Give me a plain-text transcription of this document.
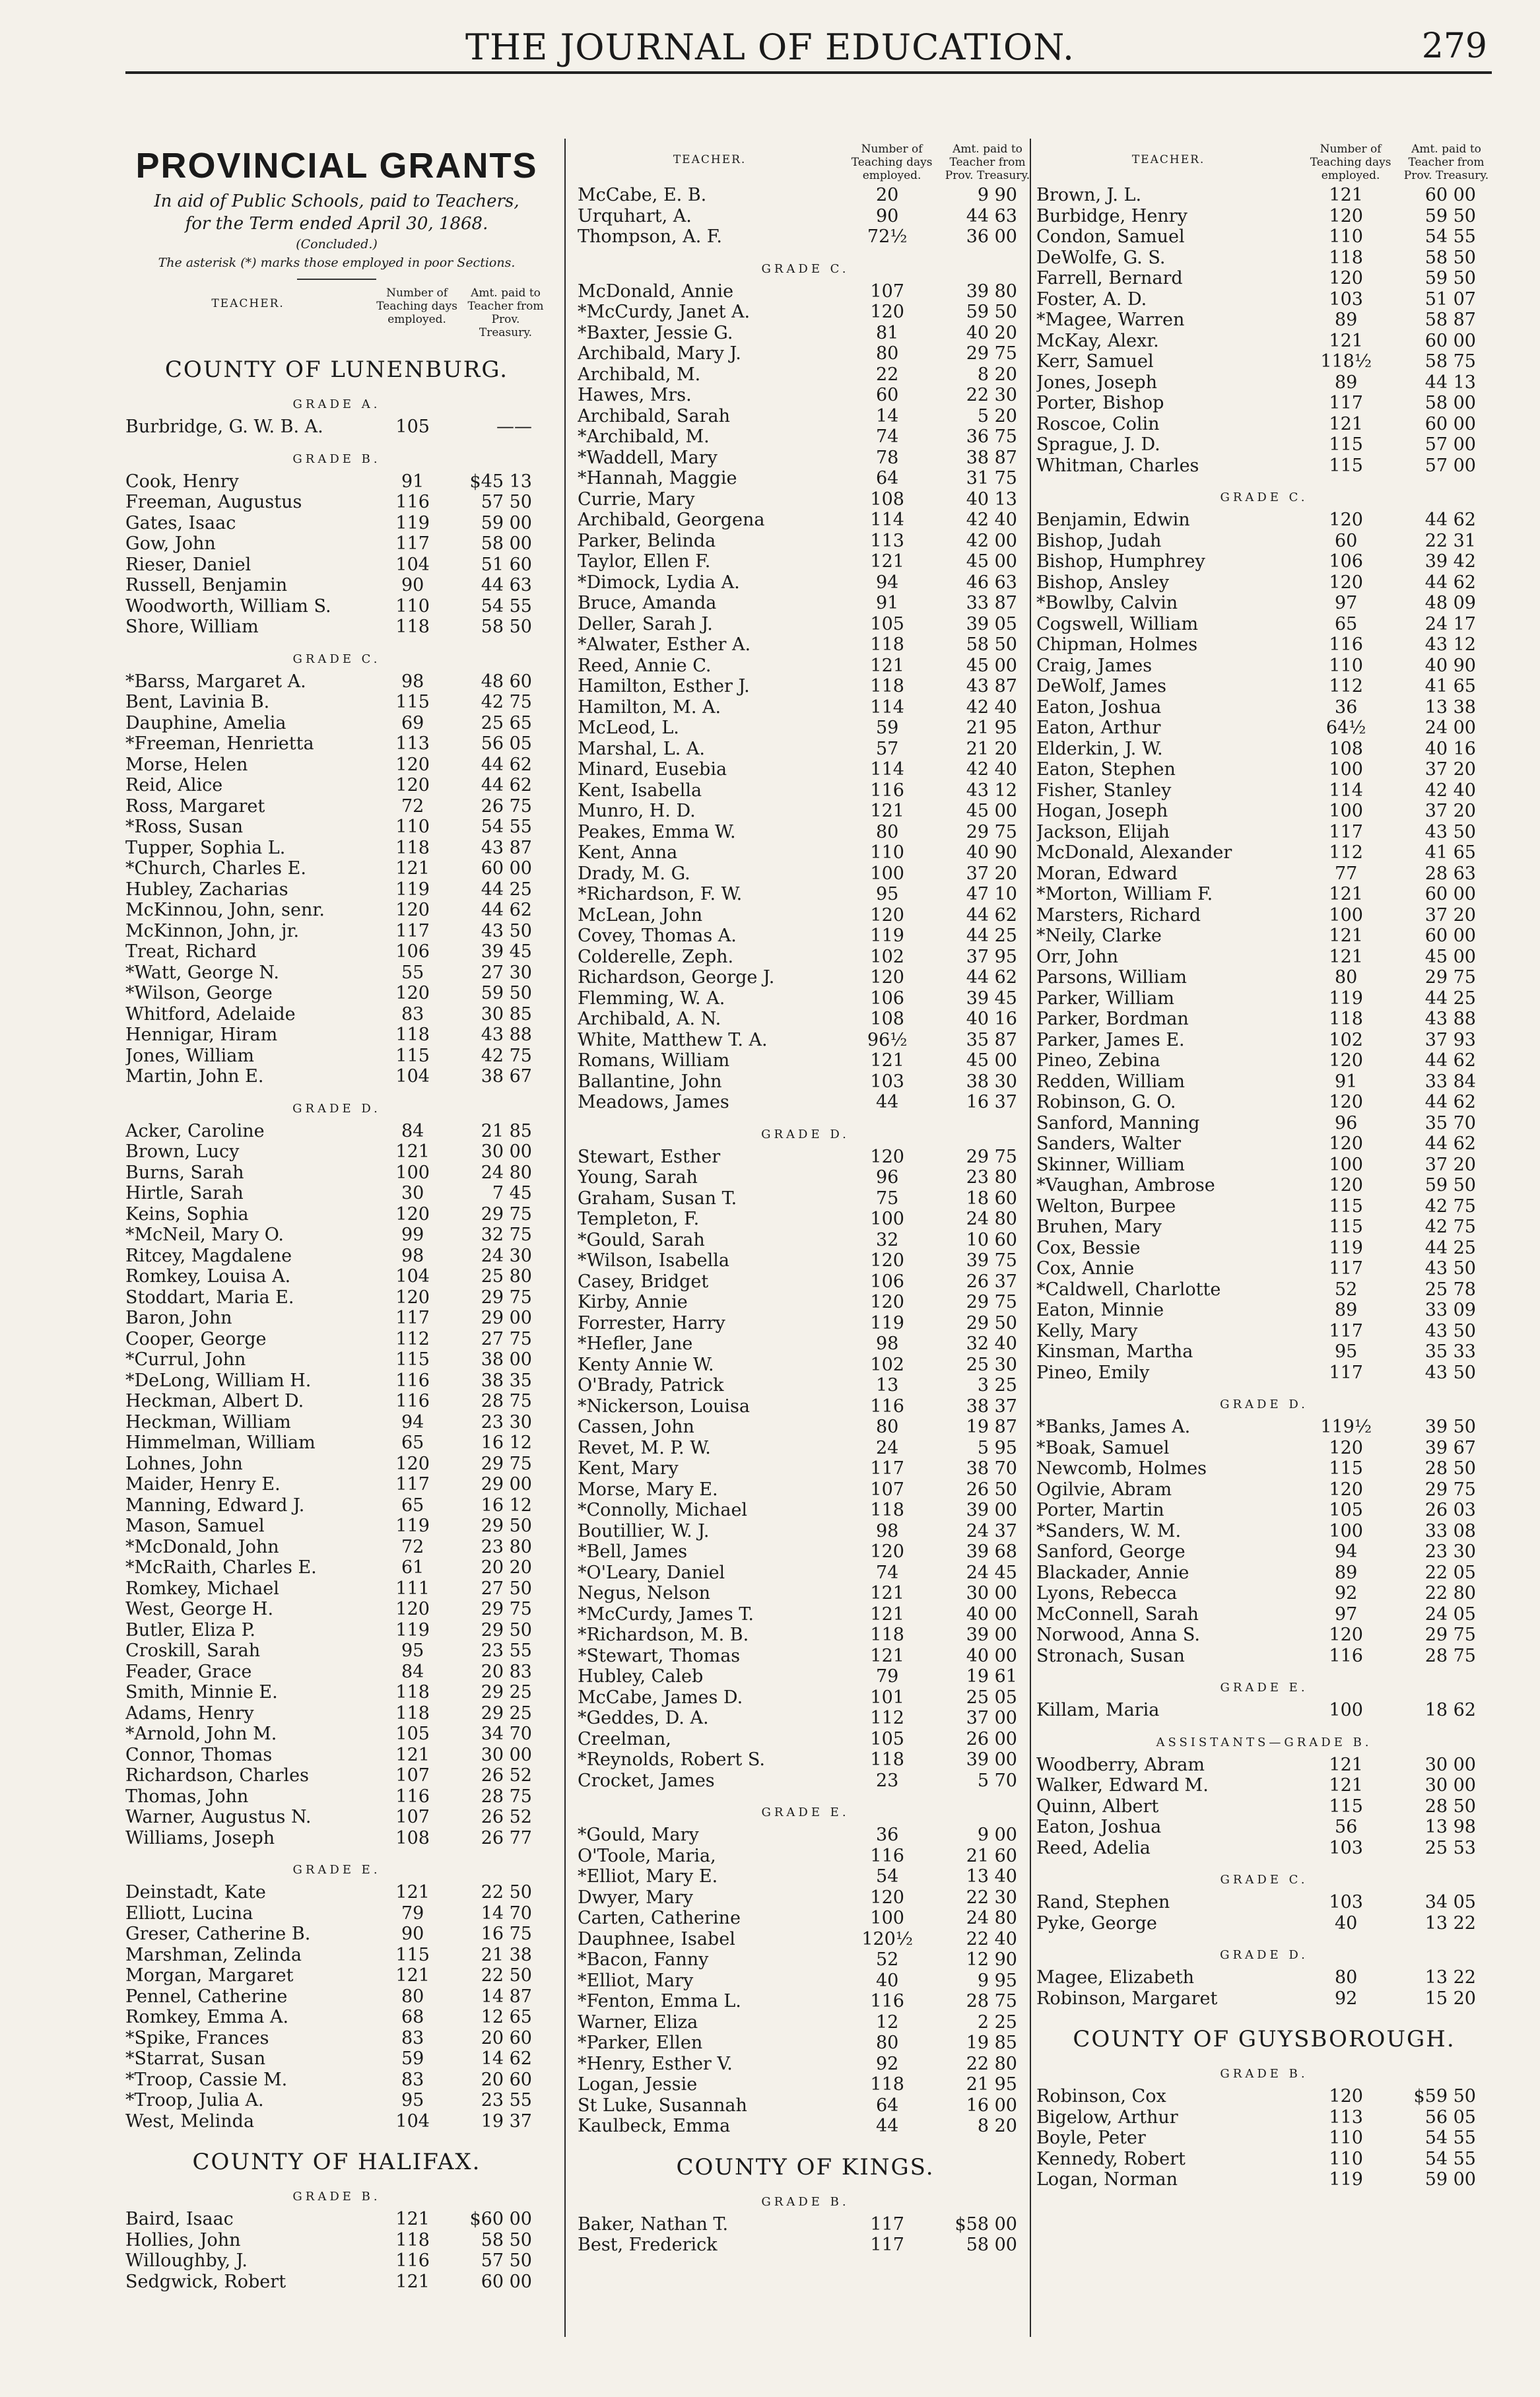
THE JOURNAL OF EDUCATION.	279
PROVINCIAL GRANTS
In aid of Public Schools, paid to Teachers,
for the Term ended April 30, 1868.
(Concluded.)
The asterisk (*) marks those employed in poor Sections.
TEACHER.
Number of Teaching days employed.
Amt. paid to Teacher from Prov. Treasury.
COUNTY OF LUNENBURG.
GRADE A.
Burbridge, G. W. B. A.	105	——
GRADE B.
Cook, Henry	91	$45 13
Freeman, Augustus	116	57 50
Gates, Isaac	119	59 00
Gow, John	117	58 00
Rieser, Daniel	104	51 60
Russell, Benjamin	90	44 63
Woodworth, William S.	110	54 55
Shore, William	118	58 50
GRADE C.
*Barss, Margaret A.	98	48 60
Bent, Lavinia B.	115	42 75
Dauphine, Amelia	69	25 65
*Freeman, Henrietta	113	56 05
Morse, Helen	120	44 62
Reid, Alice	120	44 62
Ross, Margaret	72	26 75
*Ross, Susan	110	54 55
Tupper, Sophia L.	118	43 87
*Church, Charles E.	121	60 00
Hubley, Zacharias	119	44 25
McKinnou, John, senr.	120	44 62
McKinnon, John, jr.	117	43 50
Treat, Richard	106	39 45
*Watt, George N.	55	27 30
*Wilson, George	120	59 50
Whitford, Adelaide	83	30 85
Hennigar, Hiram	118	43 88
Jones, William	115	42 75
Martin, John E.	104	38 67
GRADE D.
Acker, Caroline	84	21 85
Brown, Lucy	121	30 00
Burns, Sarah	100	24 80
Hirtle, Sarah	30	7 45
Keins, Sophia	120	29 75
*McNeil, Mary O.	99	32 75
Ritcey, Magdalene	98	24 30
Romkey, Louisa A.	104	25 80
Stoddart, Maria E.	120	29 75
Baron, John	117	29 00
Cooper, George	112	27 75
*Currul, John	115	38 00
*DeLong, William H.	116	38 35
Heckman, Albert D.	116	28 75
Heckman, William	94	23 30
Himmelman, William	65	16 12
Lohnes, John	120	29 75
Maider, Henry E.	117	29 00
Manning, Edward J.	65	16 12
Mason, Samuel	119	29 50
*McDonald, John	72	23 80
*McRaith, Charles E.	61	20 20
Romkey, Michael	111	27 50
West, George H.	120	29 75
Butler, Eliza P.	119	29 50
Croskill, Sarah	95	23 55
Feader, Grace	84	20 83
Smith, Minnie E.	118	29 25
Adams, Henry	118	29 25
*Arnold, John M.	105	34 70
Connor, Thomas	121	30 00
Richardson, Charles	107	26 52
Thomas, John	116	28 75
Warner, Augustus N.	107	26 52
Williams, Joseph	108	26 77
GRADE E.
Deinstadt, Kate	121	22 50
Elliott, Lucina	79	14 70
Greser, Catherine B.	90	16 75
Marshman, Zelinda	115	21 38
Morgan, Margaret	121	22 50
Pennel, Catherine	80	14 87
Romkey, Emma A.	68	12 65
*Spike, Frances	83	20 60
*Starrat, Susan	59	14 62
*Troop, Cassie M.	83	20 60
*Troop, Julia A.	95	23 55
West, Melinda	104	19 37
COUNTY OF HALIFAX.
GRADE B.
Baird, Isaac	121	$60 00
Hollies, John	118	58 50
Willoughby, J.	116	57 50
Sedgwick, Robert	121	60 00
TEACHER.
Number of Teaching days employed.
Amt. paid to Teacher from Prov. Treasury.
McCabe, E. B.	20	9 90
Urquhart, A.	90	44 63
Thompson, A. F.	72½	36 00
GRADE C.
McDonald, Annie	107	39 80
*McCurdy, Janet A.	120	59 50
*Baxter, Jessie G.	81	40 20
Archibald, Mary J.	80	29 75
Archibald, M.	22	8 20
Hawes, Mrs.	60	22 30
Archibald, Sarah	14	5 20
*Archibald, M.	74	36 75
*Waddell, Mary	78	38 87
*Hannah, Maggie	64	31 75
Currie, Mary	108	40 13
Archibald, Georgena	114	42 40
Parker, Belinda	113	42 00
Taylor, Ellen F.	121	45 00
*Dimock, Lydia A.	94	46 63
Bruce, Amanda	91	33 87
Deller, Sarah J.	105	39 05
*Alwater, Esther A.	118	58 50
Reed, Annie C.	121	45 00
Hamilton, Esther J.	118	43 87
Hamilton, M. A.	114	42 40
McLeod, L.	59	21 95
Marshal, L. A.	57	21 20
Minard, Eusebia	114	42 40
Kent, Isabella	116	43 12
Munro, H. D.	121	45 00
Peakes, Emma W.	80	29 75
Kent, Anna	110	40 90
Drady, M. G.	100	37 20
*Richardson, F. W.	95	47 10
McLean, John	120	44 62
Covey, Thomas A.	119	44 25
Colderelle, Zeph.	102	37 95
Richardson, George J.	120	44 62
Flemming, W. A.	106	39 45
Archibald, A. N.	108	40 16
White, Matthew T. A.	96½	35 87
Romans, William	121	45 00
Ballantine, John	103	38 30
Meadows, James	44	16 37
GRADE D.
Stewart, Esther	120	29 75
Young, Sarah	96	23 80
Graham, Susan T.	75	18 60
Templeton, F.	100	24 80
*Gould, Sarah	32	10 60
*Wilson, Isabella	120	39 75
Casey, Bridget	106	26 37
Kirby, Annie	120	29 75
Forrester, Harry	119	29 50
*Hefler, Jane	98	32 40
Kenty Annie W.	102	25 30
O'Brady, Patrick	13	3 25
*Nickerson, Louisa	116	38 37
Cassen, John	80	19 87
Revet, M. P. W.	24	5 95
Kent, Mary	117	38 70
Morse, Mary E.	107	26 50
*Connolly, Michael	118	39 00
Boutillier, W. J.	98	24 37
*Bell, James	120	39 68
*O'Leary, Daniel	74	24 45
Negus, Nelson	121	30 00
*McCurdy, James T.	121	40 00
*Richardson, M. B.	118	39 00
*Stewart, Thomas	121	40 00
Hubley, Caleb	79	19 61
McCabe, James D.	101	25 05
*Geddes, D. A.	112	37 00
Creelman,	105	26 00
*Reynolds, Robert S.	118	39 00
Crocket, James	23	5 70
GRADE E.
*Gould, Mary	36	9 00
O'Toole, Maria,	116	21 60
*Elliot, Mary E.	54	13 40
Dwyer, Mary	120	22 30
Carten, Catherine	100	24 80
Dauphnee, Isabel	120½	22 40
*Bacon, Fanny	52	12 90
*Elliot, Mary	40	9 95
*Fenton, Emma L.	116	28 75
Warner, Eliza	12	2 25
*Parker, Ellen	80	19 85
*Henry, Esther V.	92	22 80
Logan, Jessie	118	21 95
St Luke, Susannah	64	16 00
Kaulbeck, Emma	44	8 20
COUNTY OF KINGS.
GRADE B.
Baker, Nathan T.	117	$58 00
Best, Frederick	117	58 00
TEACHER.
Number of Teaching days employed.
Amt. paid to Teacher from Prov. Treasury.
Brown, J. L.	121	60 00
Burbidge, Henry	120	59 50
Condon, Samuel	110	54 55
DeWolfe, G. S.	118	58 50
Farrell, Bernard	120	59 50
Foster, A. D.	103	51 07
*Magee, Warren	89	58 87
McKay, Alexr.	121	60 00
Kerr, Samuel	118½	58 75
Jones, Joseph	89	44 13
Porter, Bishop	117	58 00
Roscoe, Colin	121	60 00
Sprague, J. D.	115	57 00
Whitman, Charles	115	57 00
GRADE C.
Benjamin, Edwin	120	44 62
Bishop, Judah	60	22 31
Bishop, Humphrey	106	39 42
Bishop, Ansley	120	44 62
*Bowlby, Calvin	97	48 09
Cogswell, William	65	24 17
Chipman, Holmes	116	43 12
Craig, James	110	40 90
DeWolf, James	112	41 65
Eaton, Joshua	36	13 38
Eaton, Arthur	64½	24 00
Elderkin, J. W.	108	40 16
Eaton, Stephen	100	37 20
Fisher, Stanley	114	42 40
Hogan, Joseph	100	37 20
Jackson, Elijah	117	43 50
McDonald, Alexander	112	41 65
Moran, Edward	77	28 63
*Morton, William F.	121	60 00
Marsters, Richard	100	37 20
*Neily, Clarke	121	60 00
Orr, John	121	45 00
Parsons, William	80	29 75
Parker, William	119	44 25
Parker, Bordman	118	43 88
Parker, James E.	102	37 93
Pineo, Zebina	120	44 62
Redden, William	91	33 84
Robinson, G. O.	120	44 62
Sanford, Manning	96	35 70
Sanders, Walter	120	44 62
Skinner, William	100	37 20
*Vaughan, Ambrose	120	59 50
Welton, Burpee	115	42 75
Bruhen, Mary	115	42 75
Cox, Bessie	119	44 25
Cox, Annie	117	43 50
*Caldwell, Charlotte	52	25 78
Eaton, Minnie	89	33 09
Kelly, Mary	117	43 50
Kinsman, Martha	95	35 33
Pineo, Emily	117	43 50
GRADE D.
*Banks, James A.	119½	39 50
*Boak, Samuel	120	39 67
Newcomb, Holmes	115	28 50
Ogilvie, Abram	120	29 75
Porter, Martin	105	26 03
*Sanders, W. M.	100	33 08
Sanford, George	94	23 30
Blackader, Annie	89	22 05
Lyons, Rebecca	92	22 80
McConnell, Sarah	97	24 05
Norwood, Anna S.	120	29 75
Stronach, Susan	116	28 75
GRADE E.
Killam, Maria	100	18 62
ASSISTANTS—GRADE B.
Woodberry, Abram	121	30 00
Walker, Edward M.	121	30 00
Quinn, Albert	115	28 50
Eaton, Joshua	56	13 98
Reed, Adelia	103	25 53
GRADE C.
Rand, Stephen	103	34 05
Pyke, George	40	13 22
GRADE D.
Magee, Elizabeth	80	13 22
Robinson, Margaret	92	15 20
COUNTY OF GUYSBOROUGH.
GRADE B.
Robinson, Cox	120	$59 50
Bigelow, Arthur	113	56 05
Boyle, Peter	110	54 55
Kennedy, Robert	110	54 55
Logan, Norman	119	59 00
